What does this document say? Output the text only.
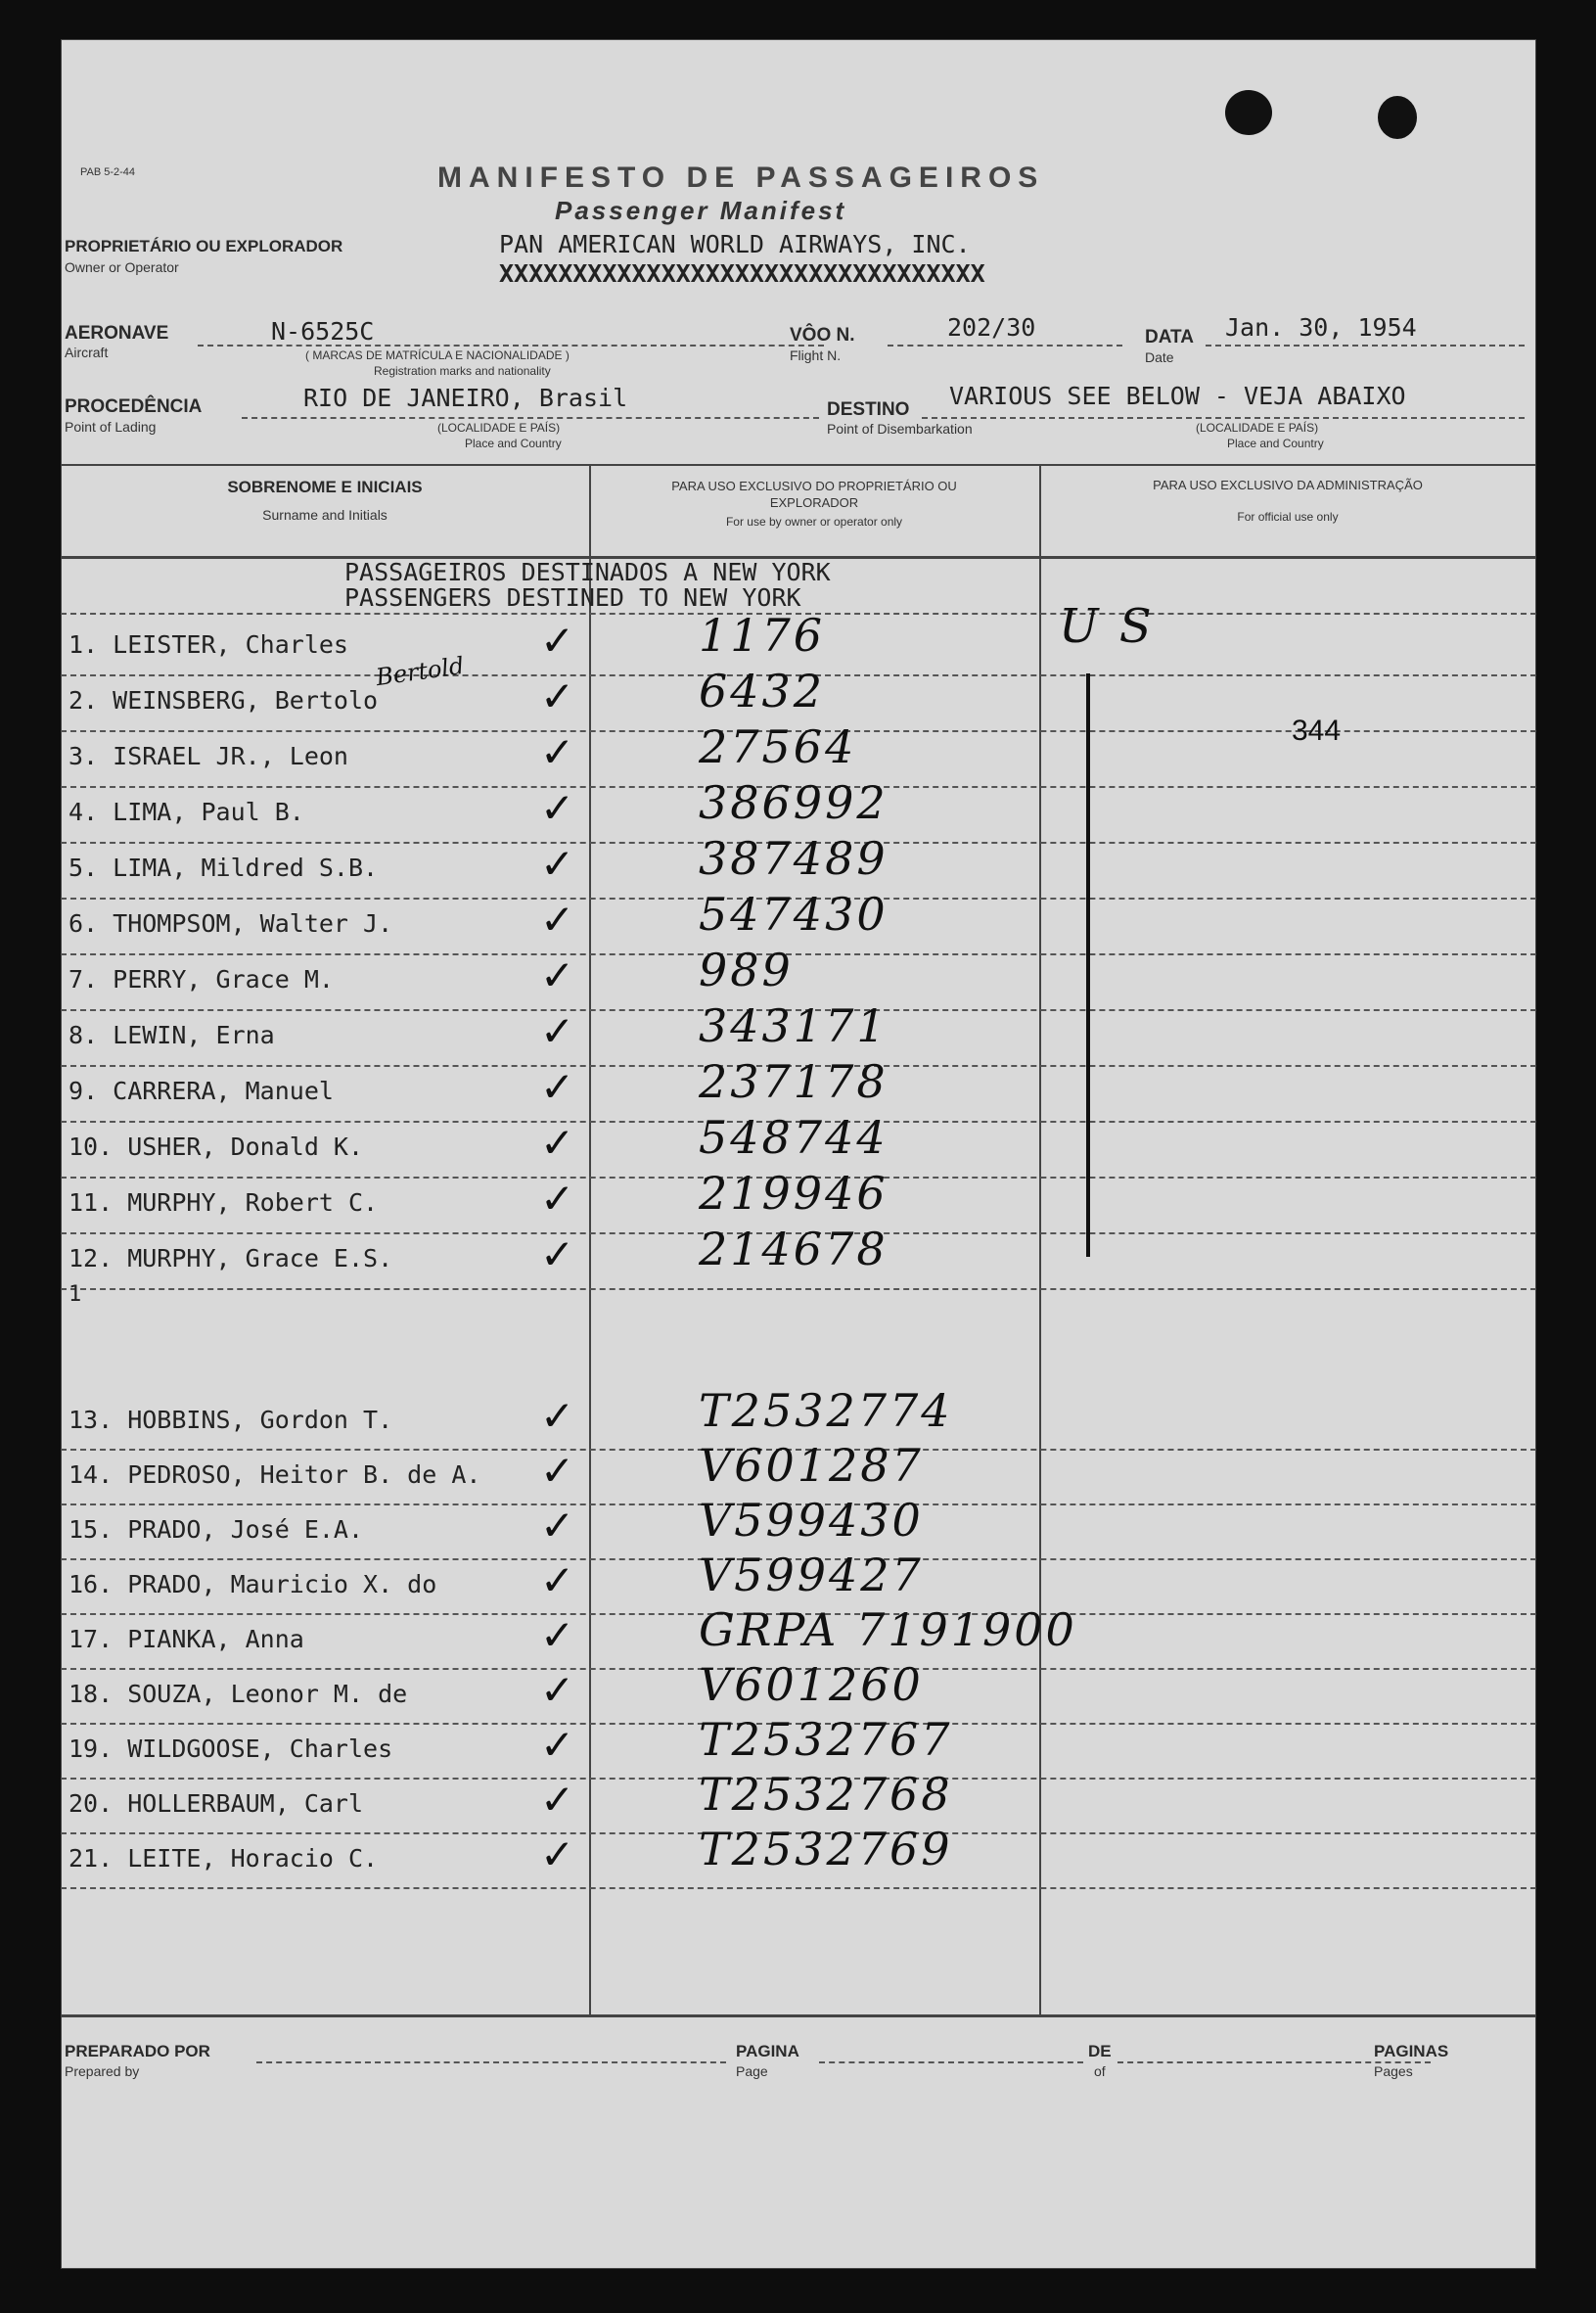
PAB 5-2-44	MANIFESTO DE PASSAGEIROS
Passenger Manifest
PROPRIETÁRIO OU EXPLORADOR
Owner or Operator
PAN AMERICAN WORLD AIRWAYS, INC.
XXXXXXXXXXXXXXXXXXXXXXXXXXXXXXXXX
AERONAVE
Aircraft
N-6525C
( MARCAS DE MATRÍCULA E NACIONALIDADE )
Registration marks and nationality
VÔO N.
Flight N.
202/30	DATA
Date
Jan. 30, 1954
PROCEDÊNCIA
Point of Lading
RIO DE JANEIRO, Brasil
(LOCALIDADE E PAÍS)
Place and Country
DESTINO
Point of Disembarkation
VARIOUS SEE BELOW - VEJA ABAIXO
(LOCALIDADE E PAÍS)
Place and Country
SOBRENOME E INICIAIS
Surname and Initials
PARA USO EXCLUSIVO DO PROPRIETÁRIO OU EXPLORADOR
For use by owner or operator only
PARA USO EXCLUSIVO DA ADMINISTRAÇÃO
For official use only
PASSAGEIROS DESTINADOS A NEW YORK
PASSENGERS DESTINED TO NEW YORK
1. LEISTER, Charles	✓	1176
2. WEINSBERG, Bertolo	✓	6432
3. ISRAEL JR., Leon	✓	27564
4. LIMA, Paul B.	✓	386992
5. LIMA, Mildred S.B.	✓	387489
6. THOMPSOM, Walter J.	✓	547430
7. PERRY, Grace M.	✓	989
8. LEWIN, Erna	✓	343171
9. CARRERA, Manuel	✓	237178
10. USHER, Donald K.	✓	548744
11. MURPHY, Robert C.	✓	219946
12. MURPHY, Grace E.S.	✓	214678
U S
344
Bertold
1
13. HOBBINS, Gordon T.	✓	T2532774
14. PEDROSO, Heitor B. de A. ✓	V601287
15. PRADO, José E.A.	✓	V599430
16. PRADO, Mauricio X. do	✓	V599427
17. PIANKA, Anna	✓	GRPA 7191900
18. SOUZA, Leonor M. de	✓	V601260
19. WILDGOOSE, Charles	✓	T2532767
20. HOLLERBAUM, Carl	✓	T2532768
21. LEITE, Horacio C.	✓	T2532769
PREPARADO POR
Prepared by
PAGINA
Page
DE
of
PAGINAS
Pages
